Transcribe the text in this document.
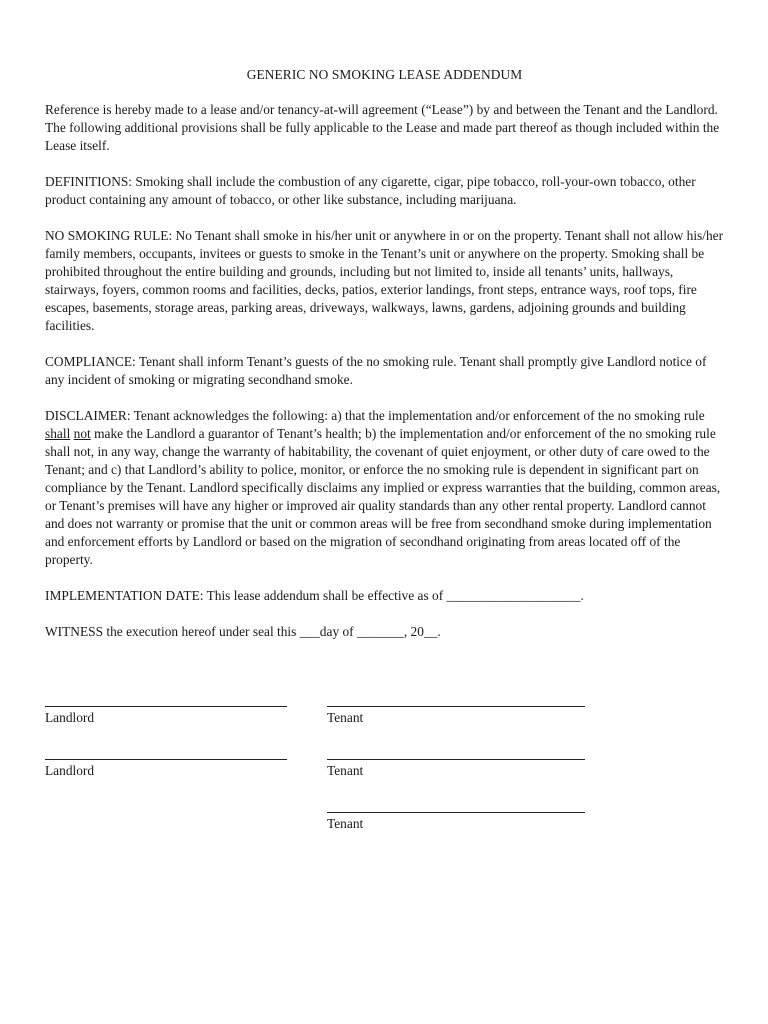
GENERIC NO SMOKING LEASE ADDENDUM

Reference is hereby made to a lease and/or tenancy-at-will agreement (“Lease”) by and between the Tenant and the Landlord. The following additional provisions shall be fully applicable to the Lease and made part thereof as though included within the Lease itself.

DEFINITIONS: Smoking shall include the combustion of any cigarette, cigar, pipe tobacco, roll-your-own tobacco, other product containing any amount of tobacco, or other like substance, including marijuana.

NO SMOKING RULE: No Tenant shall smoke in his/her unit or anywhere in or on the property. Tenant shall not allow his/her family members, occupants, invitees or guests to smoke in the Tenant’s unit or anywhere on the property. Smoking shall be prohibited throughout the entire building and grounds, including but not limited to, inside all tenants’ units, hallways, stairways, foyers, common rooms and facilities, decks, patios, exterior landings, front steps, entrance ways, roof tops, fire escapes, basements, storage areas, parking areas, driveways, walkways, lawns, gardens, adjoining grounds and building facilities.

COMPLIANCE: Tenant shall inform Tenant’s guests of the no smoking rule. Tenant shall promptly give Landlord notice of any incident of smoking or migrating secondhand smoke.

DISCLAIMER: Tenant acknowledges the following: a) that the implementation and/or enforcement of the no smoking rule shall not make the Landlord a guarantor of Tenant’s health; b) the implementation and/or enforcement of the no smoking rule shall not, in any way, change the warranty of habitability, the covenant of quiet enjoyment, or other duty of care owed to the Tenant; and c) that Landlord’s ability to police, monitor, or enforce the no smoking rule is dependent in significant part on compliance by the Tenant. Landlord specifically disclaims any implied or express warranties that the building, common areas, or Tenant’s premises will have any higher or improved air quality standards than any other rental property. Landlord cannot and does not warranty or promise that the unit or common areas will be free from secondhand smoke during implementation and enforcement efforts by Landlord or based on the migration of secondhand originating from areas located off of the property.

IMPLEMENTATION DATE: This lease addendum shall be effective as of ____________________.

WITNESS the execution hereof under seal this ___day of _______, 20__.

Landlord	Tenant
Landlord	Tenant
Tenant
